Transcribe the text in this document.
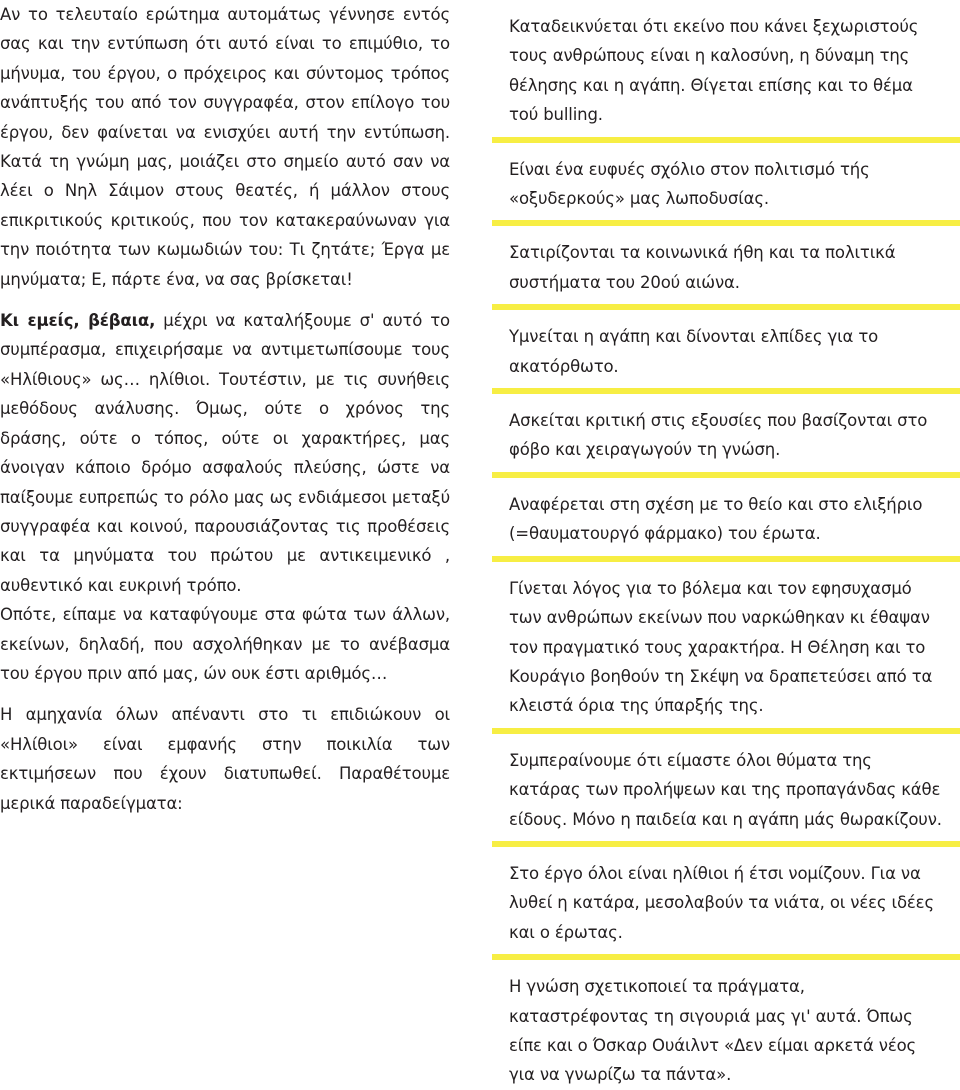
Αν το τελευταίο ερώτημα αυτομάτως γέννησε εντός σας και την εντύπωση ότι αυτό είναι το επιμύθιο, το μήνυμα, του έργου, ο πρόχειρος και σύντομος τρόπος ανάπτυξής του από τον συγγραφέα, στον επίλογο του έργου, δεν φαίνεται να ενισχύει αυτή την εντύπωση. Κατά τη γνώμη μας, μοιάζει στο σημείο αυτό σαν να λέει ο Νηλ Σάιμον στους θεατές, ή μάλλον στους επικριτικούς κριτικούς, που τον κατακεραύνωναν για την ποιότητα των κωμωδιών του: Τι ζητάτε; Έργα με μηνύματα; Ε, πάρτε ένα, να σας βρίσκεται!

Κι εμείς, βέβαια, μέχρι να καταλήξουμε σ' αυτό το συμπέρασμα, επιχειρήσαμε να αντιμετωπίσουμε τους «Ηλίθιους» ως… ηλίθιοι. Τουτέστιν, με τις συνήθεις μεθόδους ανάλυσης. Όμως, ούτε ο χρόνος της δράσης, ούτε ο τόπος, ούτε οι χαρακτήρες, μας άνοιγαν κάποιο δρόμο ασφαλούς πλεύσης, ώστε να παίξουμε ευπρεπώς το ρόλο μας ως ενδιάμεσοι μεταξύ συγγραφέα και κοινού, παρουσιάζοντας τις προθέσεις και τα μηνύματα του πρώτου με αντικειμενικό , αυθεντικό και ευκρινή τρόπο.

Οπότε, είπαμε να καταφύγουμε στα φώτα των άλλων, εκείνων, δηλαδή, που ασχολήθηκαν με το ανέβασμα του έργου πριν από μας, ών ουκ έστι αριθμός…

Η αμηχανία όλων απέναντι στο τι επιδιώκουν οι «Ηλίθιοι» είναι εμφανής στην ποικιλία των εκτιμήσεων που έχουν διατυπωθεί. Παραθέτουμε μερικά παραδείγματα:

Καταδεικνύεται ότι εκείνο που κάνει ξεχωριστούς τους ανθρώπους είναι η καλοσύνη, η δύναμη της θέλησης και η αγάπη. Θίγεται επίσης και το θέμα τού bulling.
Είναι ένα ευφυές σχόλιο στον πολιτισμό τής «οξυδερκούς» μας λωποδυσίας.
Σατιρίζονται τα κοινωνικά ήθη και τα πολιτικά συστήματα του 20ού αιώνα.
Υμνείται η αγάπη και δίνονται ελπίδες για το ακατόρθωτο.
Ασκείται κριτική στις εξουσίες που βασίζονται στο φόβο και χειραγωγούν τη γνώση.
Αναφέρεται στη σχέση με το θείο και στο ελιξήριο (=θαυματουργό φάρμακο) του έρωτα.
Γίνεται λόγος για το βόλεμα και τον εφησυχασμό των ανθρώπων εκείνων που ναρκώθηκαν κι έθαψαν τον πραγματικό τους χαρακτήρα. Η Θέληση και το Κουράγιο βοηθούν τη Σκέψη να δραπετεύσει από τα κλειστά όρια της ύπαρξής της.
Συμπεραίνουμε ότι είμαστε όλοι θύματα της κατάρας των προλήψεων και της προπαγάνδας κάθε είδους. Μόνο η παιδεία και η αγάπη μάς θωρακίζουν.
Στο έργο όλοι είναι ηλίθιοι ή έτσι νομίζουν. Για να λυθεί η κατάρα, μεσολαβούν τα νιάτα, οι νέες ιδέες και ο έρωτας.
Η γνώση σχετικοποιεί τα πράγματα, καταστρέφοντας τη σιγουριά μας γι' αυτά. Όπως είπε και ο Όσκαρ Ουάιλντ «Δεν είμαι αρκετά νέος για να γνωρίζω τα πάντα».
